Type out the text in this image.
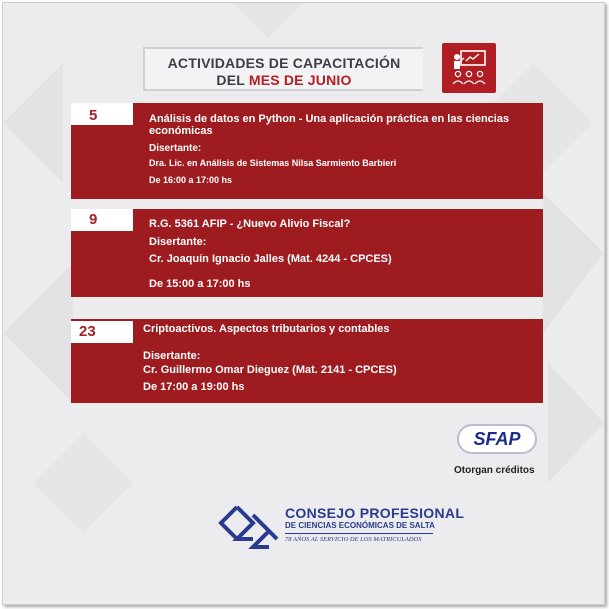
ACTIVIDADES DE CAPACITACIÓN
DEL MES DE JUNIO
5	Análisis de datos en Python - Una aplicación práctica en las ciencias económicas
Disertante:
Dra. Lic. en Análisis de Sistemas Nilsa Sarmiento Barbieri
De 16:00 a 17:00 hs
9	R.G. 5361 AFIP - ¿Nuevo Alivio Fiscal?
Disertante:
Cr. Joaquín Ignacio Jalles (Mat. 4244 - CPCES)
De 15:00 a 17:00 hs
23	Criptoactivos. Aspectos tributarios y contables
Disertante:
Cr. Guillermo Omar Dieguez (Mat. 2141 - CPCES)
De 17:00 a 19:00 hs
SFAP
Otorgan créditos
CONSEJO PROFESIONAL
DE CIENCIAS ECONÓMICAS DE SALTA
78 AÑOS AL SERVICIO DE LOS MATRICULADOS
